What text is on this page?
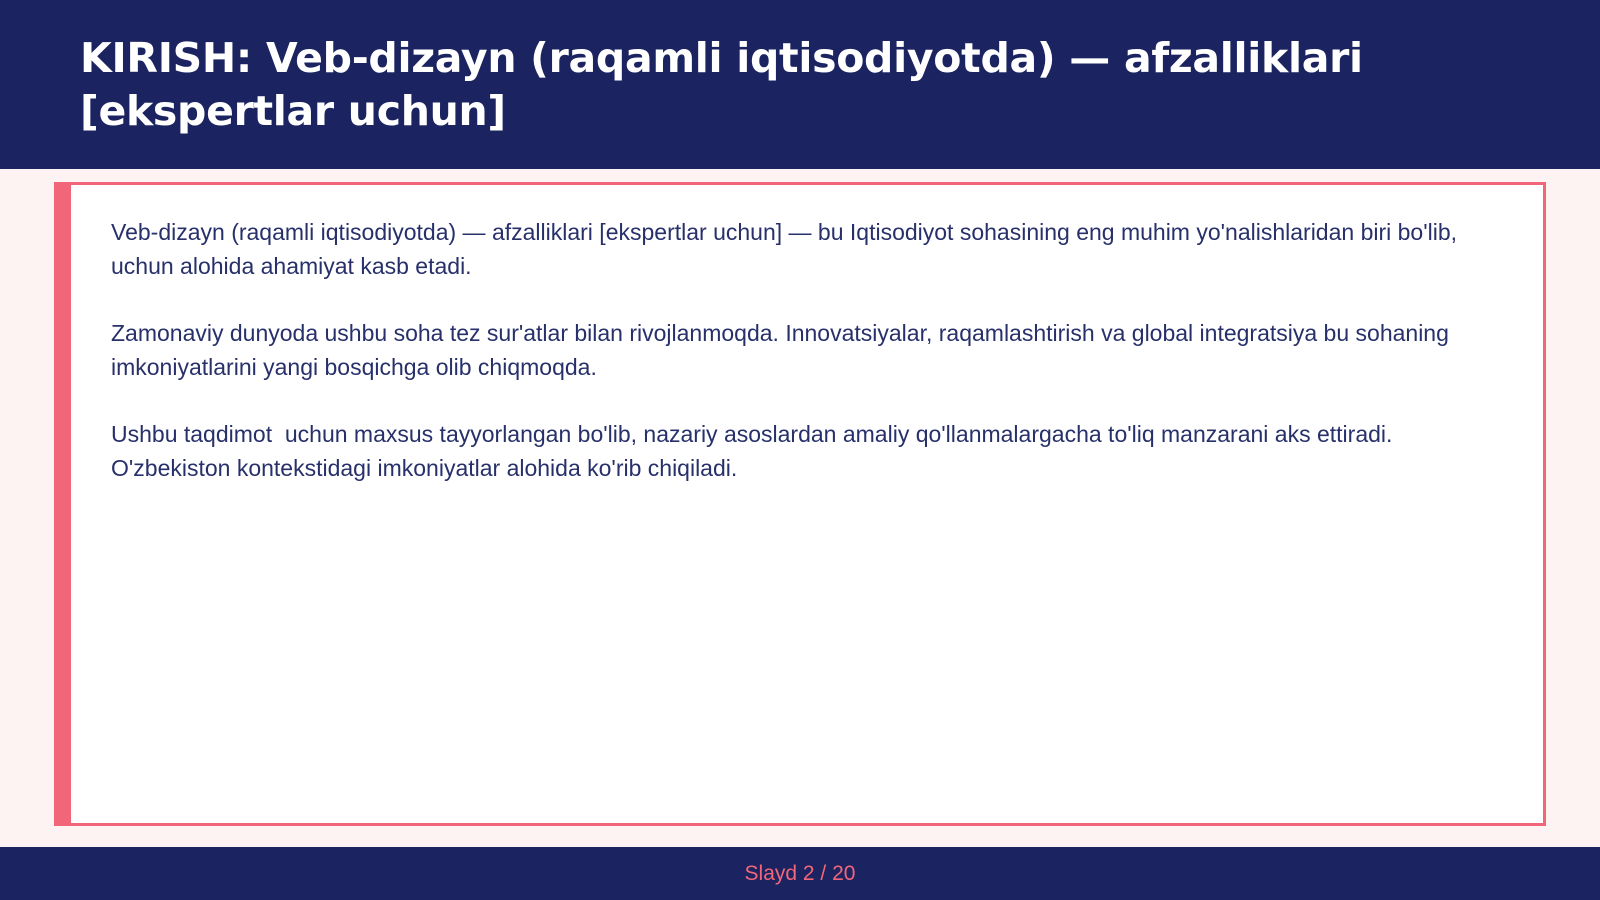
KIRISH: Veb-dizayn (raqamli iqtisodiyotda) — afzalliklari [ekspertlar uchun]

Veb-dizayn (raqamli iqtisodiyotda) — afzalliklari [ekspertlar uchun] — bu Iqtisodiyot sohasining eng muhim yo'nalishlaridan biri bo'lib,  uchun alohida ahamiyat kasb etadi.

Zamonaviy dunyoda ushbu soha tez sur'atlar bilan rivojlanmoqda. Innovatsiyalar, raqamlashtirish va global integratsiya bu sohaning imkoniyatlarini yangi bosqichga olib chiqmoqda.

Ushbu taqdimot  uchun maxsus tayyorlangan bo'lib, nazariy asoslardan amaliy qo'llanmalargacha to'liq manzarani aks ettiradi. O'zbekiston kontekstidagi imkoniyatlar alohida ko'rib chiqiladi.

Slayd 2 / 20
